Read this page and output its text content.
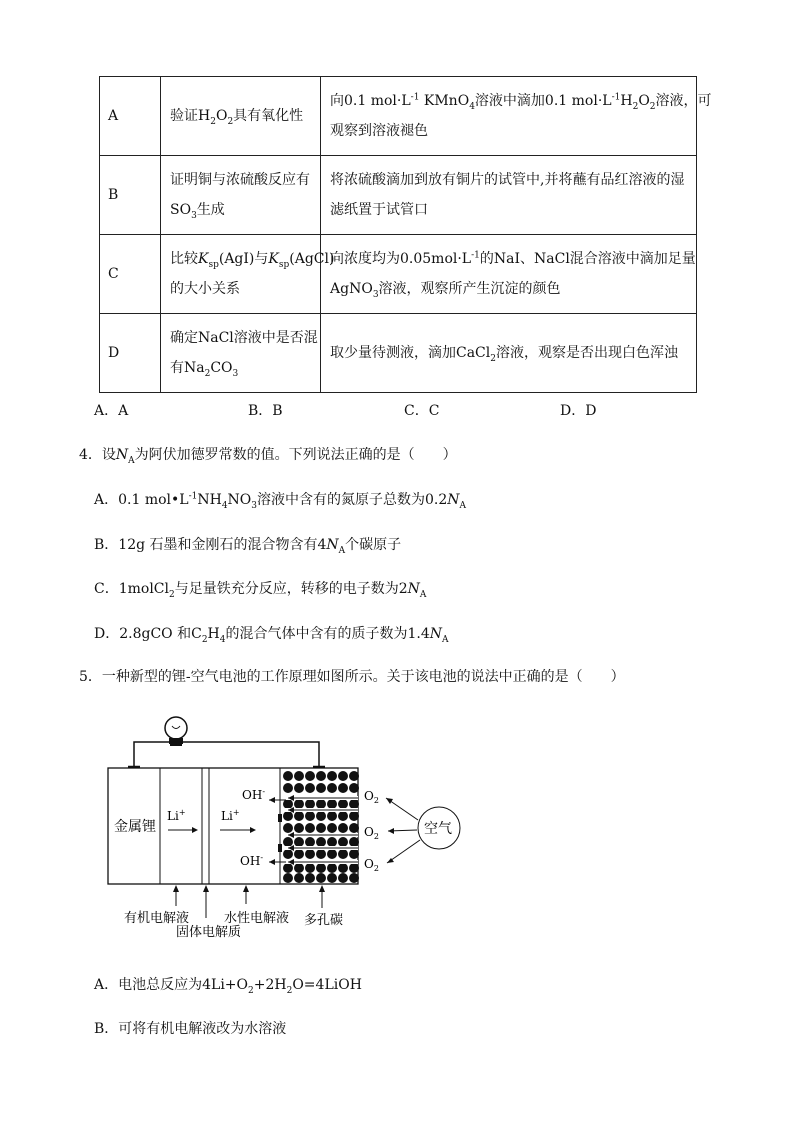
A	验证$H_2O_2$具有氧化性	向0.1 $mol\cdot L^{-1}$ KMnO$_4$溶液中滴加0.1 $mol\cdot L^{-1}H_2O_2$溶液，可
观察到溶液褪色

B	证明铜与浓硫酸反应有
$SO_3$生成	将浓硫酸滴加到放有铜片的试管中,并将蘸有品红溶液的湿
滤纸置于试管口

C	比较$K_{sp}(AgI)$与$K_{sp}(AgCl)$
的大小关系	向浓度均为$0.05mol\cdot L^{-1}$的NaI、NaCl混合溶液中滴加足量
AgNO$_3$溶液，观察所产生沉淀的颜色

D	确定NaCl溶液中是否混
有$Na_2CO_3$	取少量待测液，滴加CaCl$_2$溶液，观察是否出现白色浑浊
A．A	B．B	C．C	D．D
4．设$N_A$为阿伏加德罗常数的值。下列说法正确的是（　　）
A．0.1 $mol•L^{-1}NH_4NO_3$溶液中含有的氮原子总数为$0.2N_A$
B．12g 石墨和金刚石的混合物含有$4N_A$个碳原子
C．1molCl$_2$与足量铁充分反应，转移的电子数为$2N_A$
D．2.8gCO 和$C_2H_4$的混合气体中含有的质子数为$1.4N_A$
5．一种新型的锂-空气电池的工作原理如图所示。关于该电池的说法中正确的是（　　）
金属锂
Li+	Li+
OH-
OH-
$O_2$
$O_2$
$O_2$
空气
有机电解液
固体电解质
水性电解液 多孔碳
A．电池总反应为$4Li+O_2+2H_2O=4LiOH$
B．可将有机电解液改为水溶液
